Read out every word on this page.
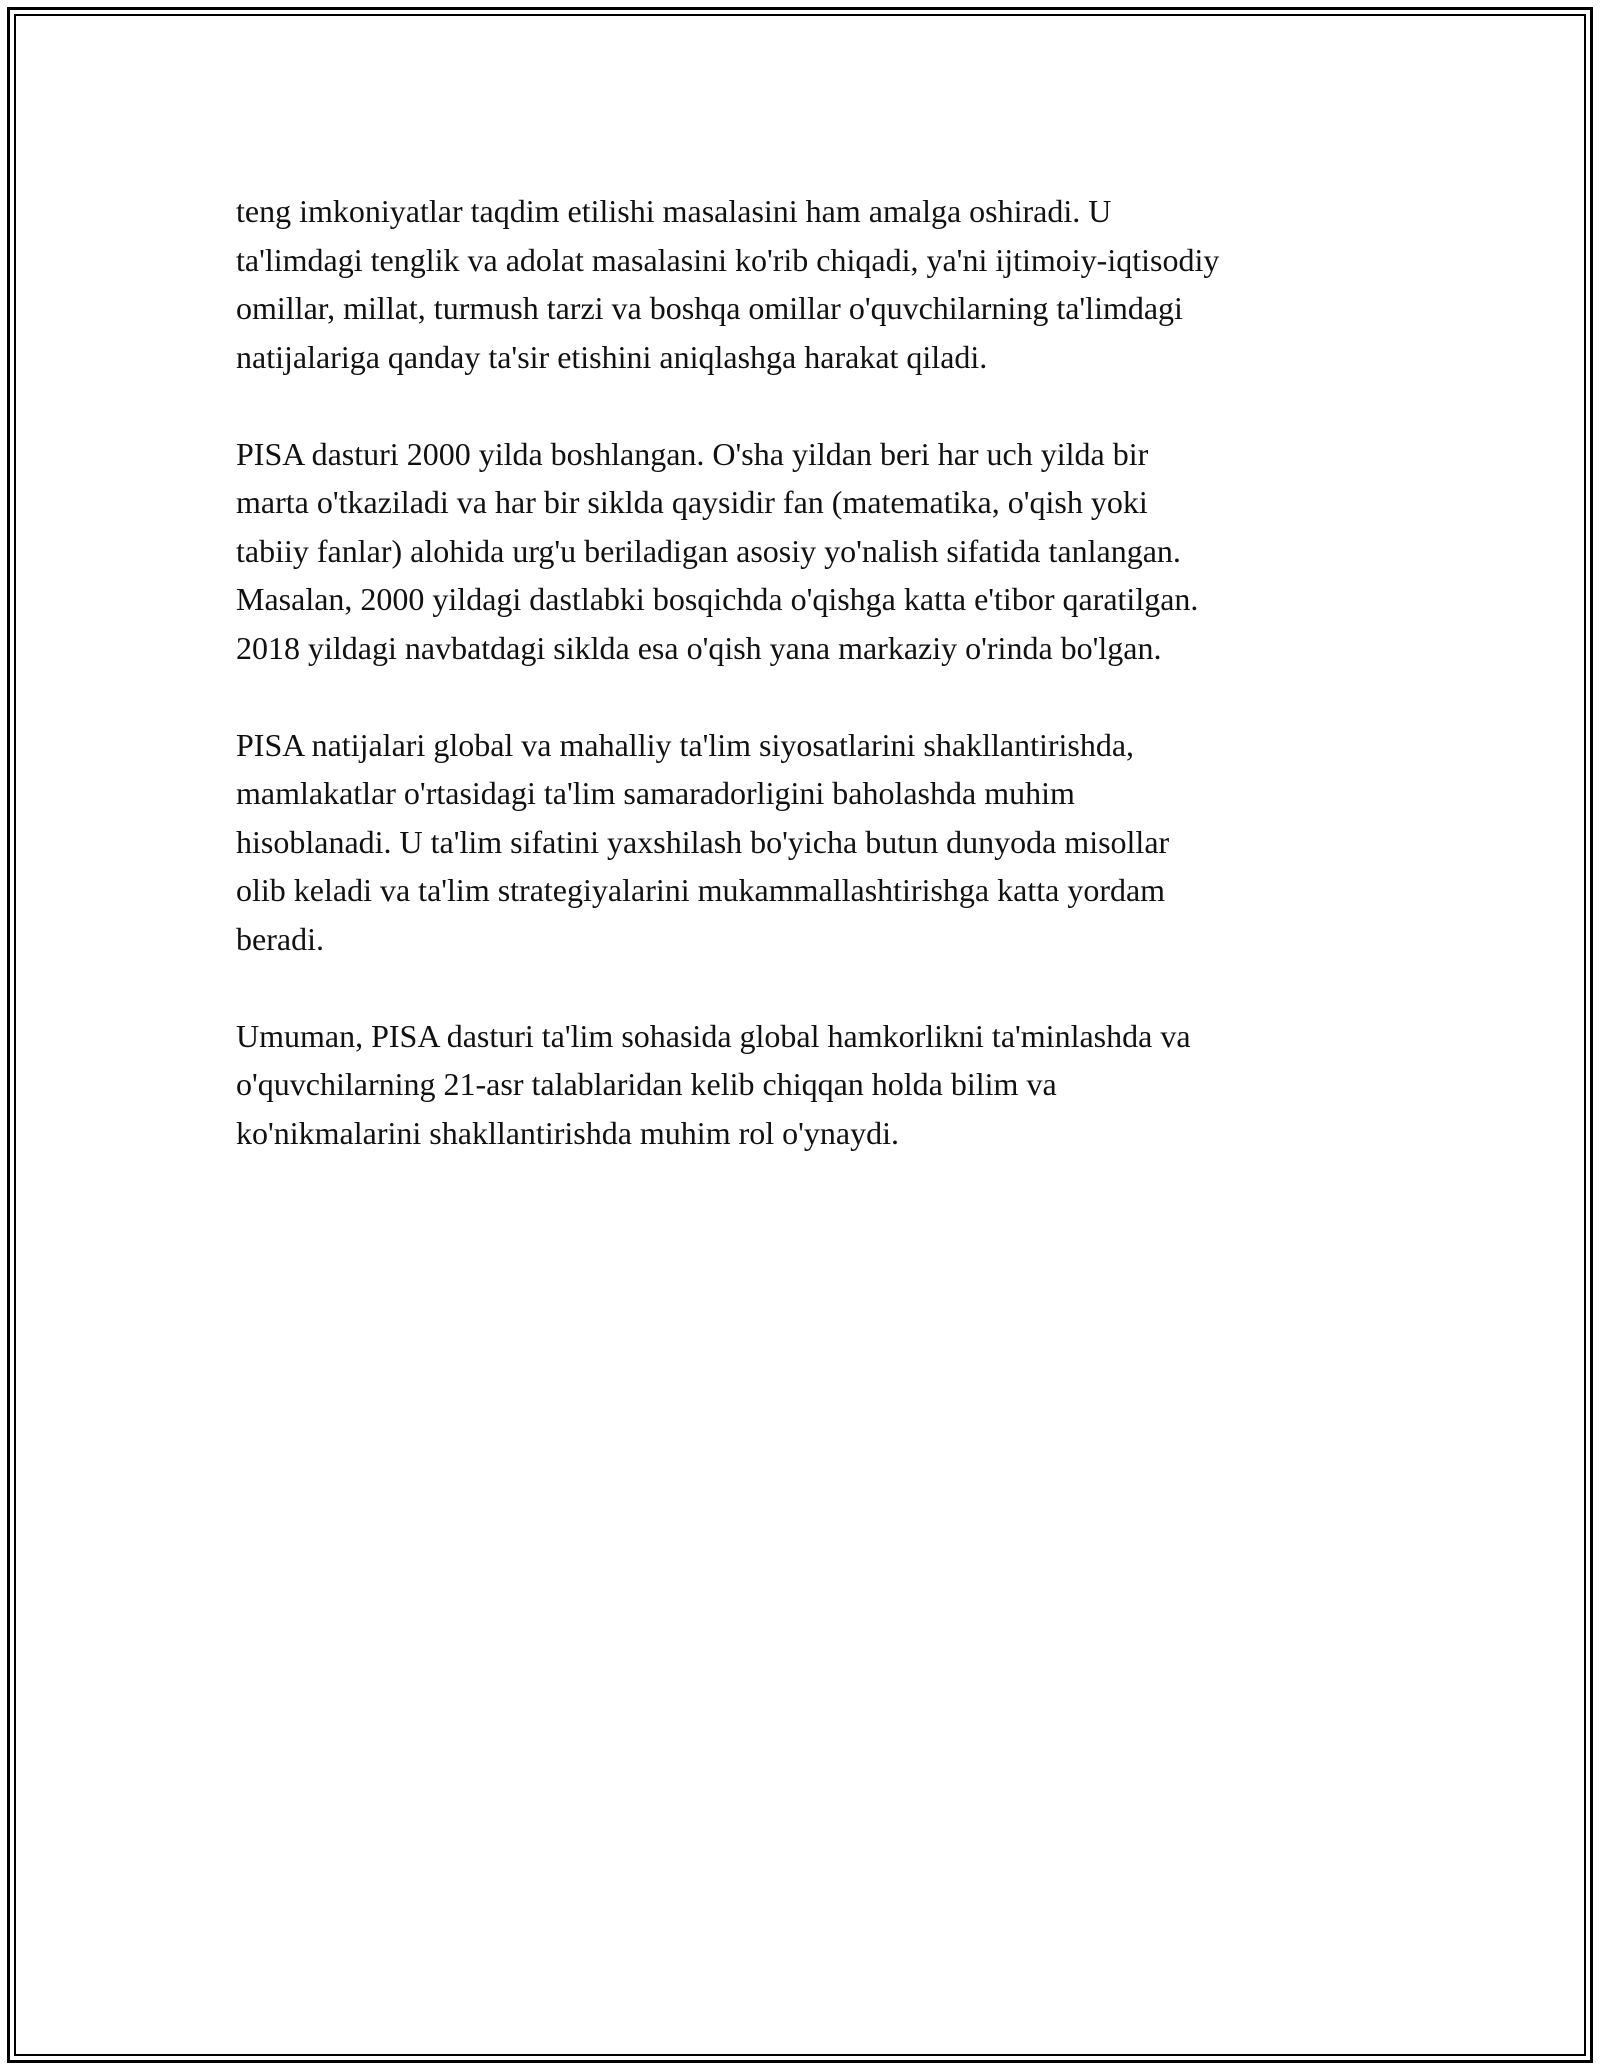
teng imkoniyatlar taqdim etilishi masalasini ham amalga oshiradi. U
ta'limdagi tenglik va adolat masalasini ko'rib chiqadi, ya'ni ijtimoiy-iqtisodiy
omillar, millat, turmush tarzi va boshqa omillar o'quvchilarning ta'limdagi
natijalariga qanday ta'sir etishini aniqlashga harakat qiladi.

PISA dasturi 2000 yilda boshlangan. O'sha yildan beri har uch yilda bir
marta o'tkaziladi va har bir siklda qaysidir fan (matematika, o'qish yoki
tabiiy fanlar) alohida urg'u beriladigan asosiy yo'nalish sifatida tanlangan.
Masalan, 2000 yildagi dastlabki bosqichda o'qishga katta e'tibor qaratilgan.
2018 yildagi navbatdagi siklda esa o'qish yana markaziy o'rinda bo'lgan.

PISA natijalari global va mahalliy ta'lim siyosatlarini shakllantirishda,
mamlakatlar o'rtasidagi ta'lim samaradorligini baholashda muhim
hisoblanadi. U ta'lim sifatini yaxshilash bo'yicha butun dunyoda misollar
olib keladi va ta'lim strategiyalarini mukammallashtirishga katta yordam
beradi.

Umuman, PISA dasturi ta'lim sohasida global hamkorlikni ta'minlashda va
o'quvchilarning 21-asr talablaridan kelib chiqqan holda bilim va
ko'nikmalarini shakllantirishda muhim rol o'ynaydi.
